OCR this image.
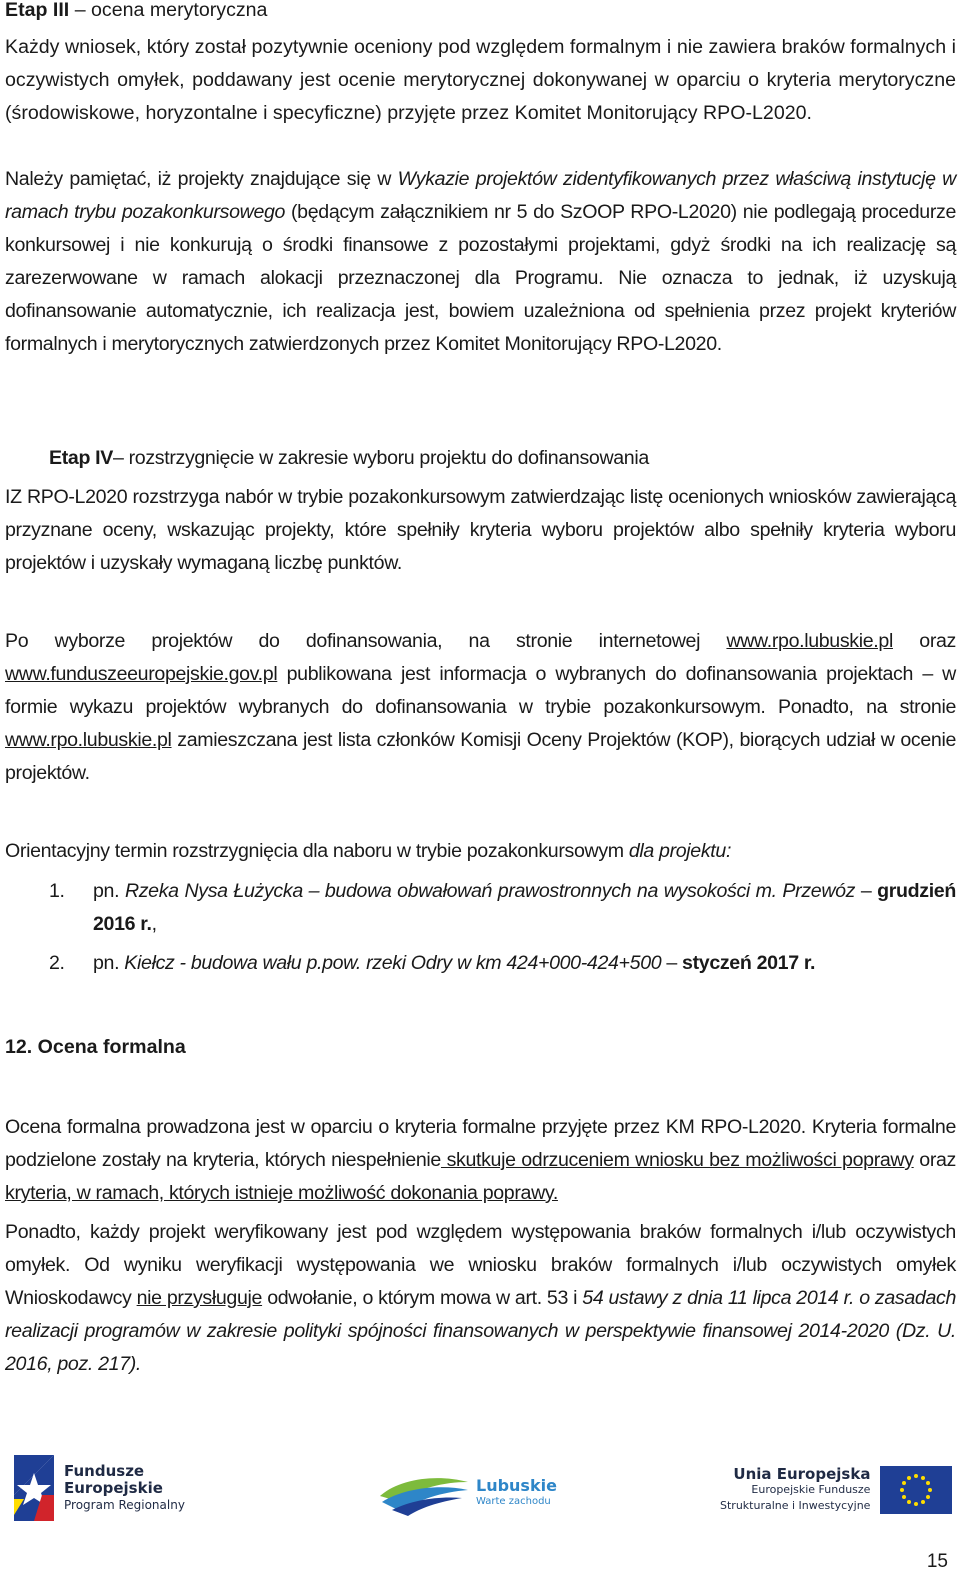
Etap III – ocena merytoryczna

Każdy wniosek, który został pozytywnie oceniony pod względem formalnym i nie zawiera braków formalnych i oczywistych omyłek, poddawany jest ocenie merytorycznej dokonywanej w oparciu o kryteria merytoryczne (środowiskowe, horyzontalne i specyficzne) przyjęte przez Komitet Monitorujący RPO-L2020.

Należy pamiętać, iż projekty znajdujące się w Wykazie projektów zidentyfikowanych przez właściwą instytucję w ramach trybu pozakonkursowego (będącym załącznikiem nr 5 do SzOOP RPO-L2020) nie podlegają procedurze konkursowej i nie konkurują o środki finansowe z pozostałymi projektami, gdyż środki na ich realizację są zarezerwowane w ramach alokacji przeznaczonej dla Programu. Nie oznacza to jednak, iż uzyskują dofinansowanie automatycznie, ich realizacja jest, bowiem uzależniona od spełnienia przez projekt kryteriów formalnych i merytorycznych zatwierdzonych przez Komitet Monitorujący RPO-L2020.

Etap IV– rozstrzygnięcie w zakresie wyboru projektu do dofinansowania

IZ RPO-L2020 rozstrzyga nabór w trybie pozakonkursowym zatwierdzając listę ocenionych wniosków zawierającą przyznane oceny, wskazując projekty, które spełniły kryteria wyboru projektów albo spełniły kryteria wyboru projektów i uzyskały wymaganą liczbę punktów.

Po wyborze projektów do dofinansowania, na stronie internetowej www.rpo.lubuskie.pl oraz www.funduszeeuropejskie.gov.pl publikowana jest informacja o wybranych do dofinansowania projektach – w formie wykazu projektów wybranych do dofinansowania w trybie pozakonkursowym. Ponadto, na stronie www.rpo.lubuskie.pl zamieszczana jest lista członków Komisji Oceny Projektów (KOP), biorących udział w ocenie projektów.

Orientacyjny termin rozstrzygnięcia dla naboru w trybie pozakonkursowym dla projektu:

1. pn. Rzeka Nysa Łużycka – budowa obwałowań prawostronnych na wysokości m. Przewóz – grudzień 2016 r.,
2. pn. Kiełcz - budowa wału p.pow. rzeki Odry w km 424+000-424+500 – styczeń 2017 r.
12. Ocena formalna

Ocena formalna prowadzona jest w oparciu o kryteria formalne przyjęte przez KM RPO-L2020. Kryteria formalne podzielone zostały na kryteria, których niespełnienie skutkuje odrzuceniem wniosku bez możliwości poprawy oraz kryteria, w ramach, których istnieje możliwość dokonania poprawy.

Ponadto, każdy projekt weryfikowany jest pod względem występowania braków formalnych i/lub oczywistych omyłek. Od wyniku weryfikacji występowania we wniosku braków formalnych i/lub oczywistych omyłek Wnioskodawcy nie przysługuje odwołanie, o którym mowa w art. 53 i 54 ustawy z dnia 11 lipca 2014 r. o zasadach realizacji programów w zakresie polityki spójności finansowanych w perspektywie finansowej 2014-2020 (Dz. U. 2016, poz. 217).

Fundusze
Europejskie
Program Regionalny
Lubuskie
Warte zachodu
Unia Europejska
Europejskie Fundusze
Strukturalne i Inwestycyjne
15
